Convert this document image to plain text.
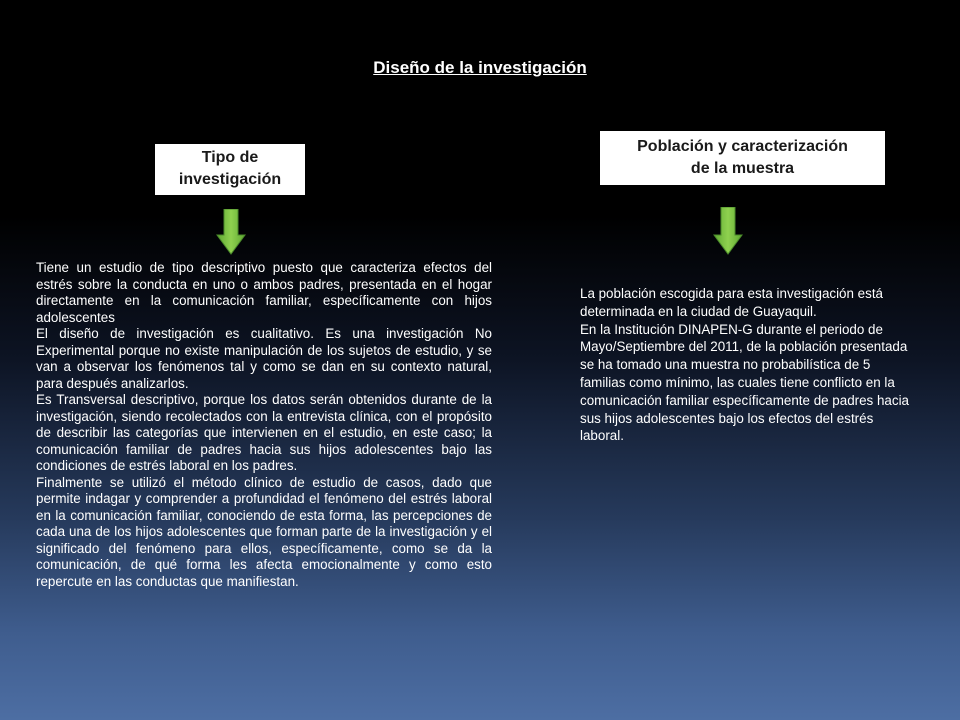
Diseño de la investigación
Tipo de
investigación
Población y caracterización
de la muestra

Tiene un estudio de tipo descriptivo puesto que caracteriza efectos del estrés sobre la conducta en uno o ambos padres, presentada en el hogar directamente en la comunicación familiar, específicamente con hijos adolescentes

El diseño de investigación es cualitativo. Es una investigación No Experimental porque no existe manipulación de los sujetos de estudio, y se van a observar los fenómenos tal y como se dan en su contexto natural, para después analizarlos.

Es Transversal descriptivo, porque los datos serán obtenidos durante de la investigación, siendo recolectados con la entrevista clínica, con el propósito de describir las categorías que intervienen en el estudio, en este caso; la comunicación familiar de padres hacia sus hijos adolescentes bajo las condiciones de estrés laboral en los padres.

Finalmente se utilizó el método clínico de estudio de casos, dado que permite indagar y comprender a profundidad el fenómeno del estrés laboral en la comunicación familiar, conociendo de esta forma, las percepciones de cada una de los hijos adolescentes que forman parte de la investigación y el significado del fenómeno para ellos, específicamente, como se da la comunicación, de qué forma les afecta emocionalmente y como esto repercute en las conductas que manifiestan.

La población escogida para esta investigación está determinada en la ciudad de Guayaquil.

En la Institución DINAPEN-G durante el periodo de Mayo/Septiembre del 2011, de la población presentada se ha tomado una muestra no probabilística de 5 familias como mínimo, las cuales tiene conflicto en la comunicación familiar específicamente de padres hacia sus hijos adolescentes bajo los efectos del estrés laboral.
